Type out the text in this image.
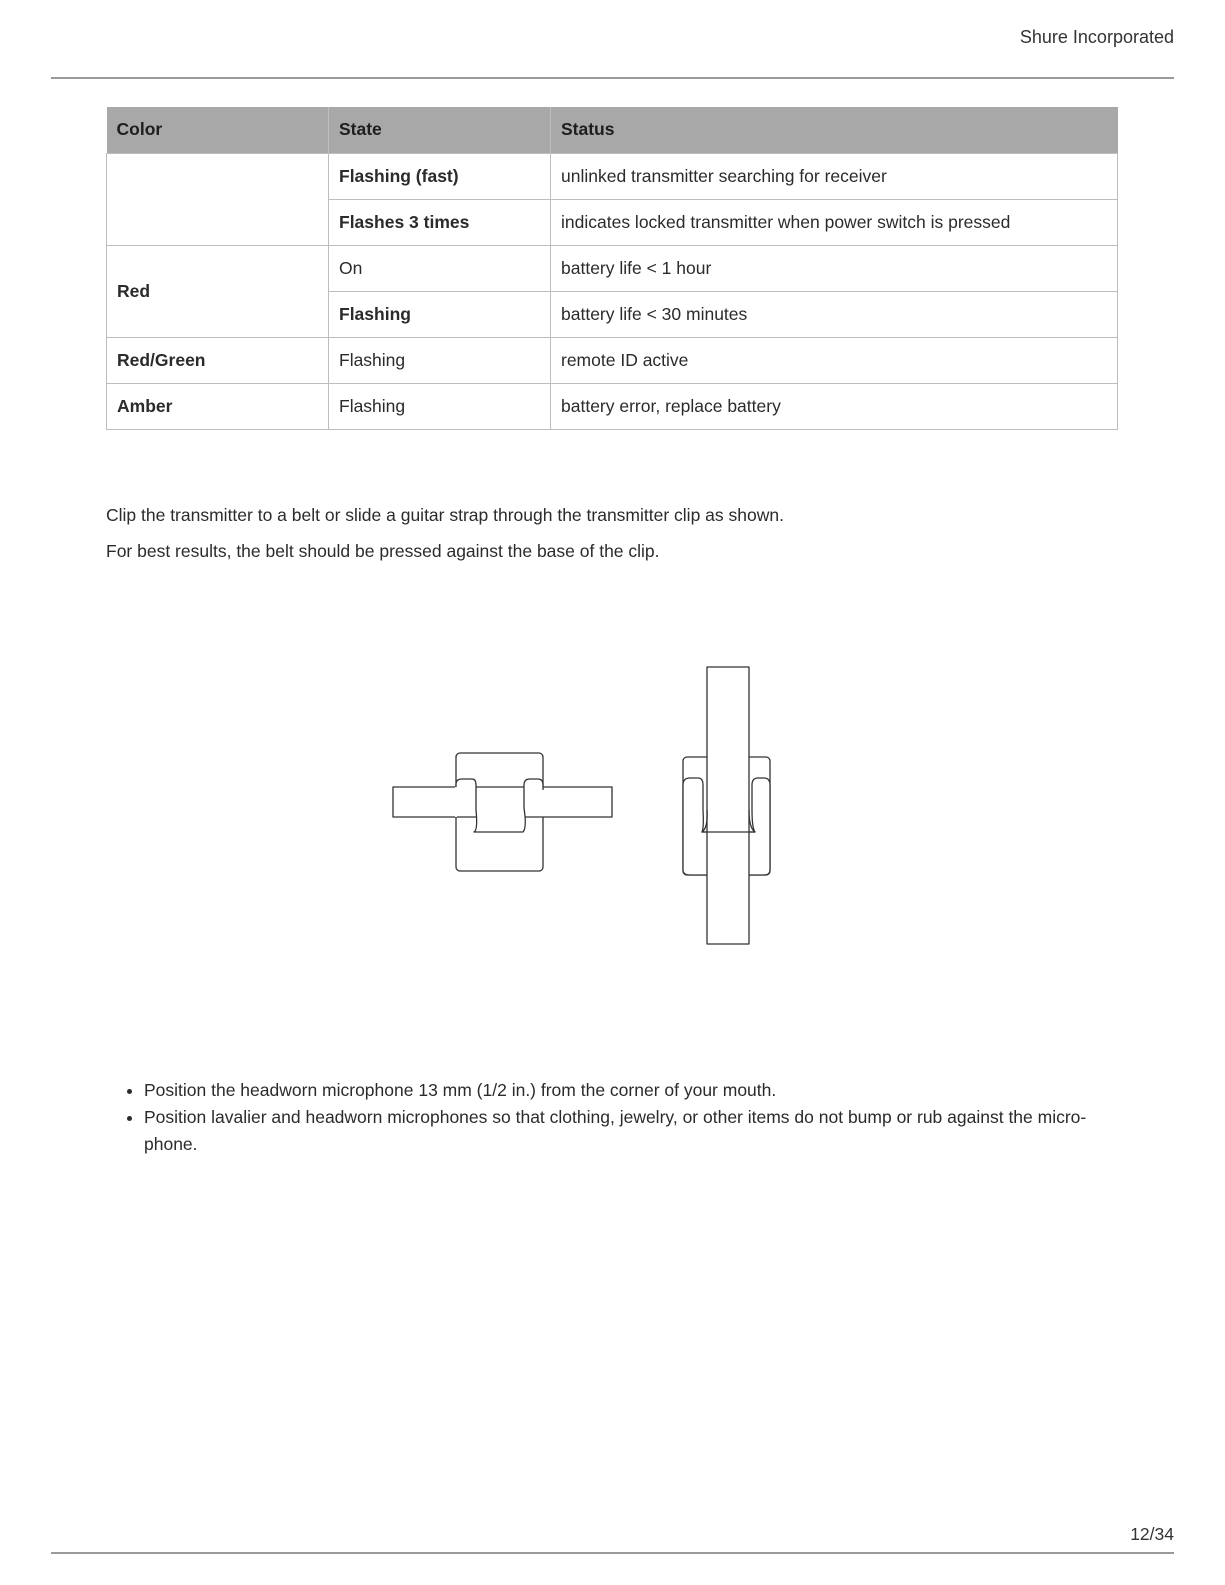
Shure Incorporated
Color	State	Status
	Flashing (fast)	unlinked transmitter searching for receiver
	Flashes 3 times	indicates locked transmitter when power switch is pressed
Red	On	battery life < 1 hour
	Flashing	battery life < 30 minutes
Red/Green	Flashing	remote ID active
Amber	Flashing	battery error, replace battery

Clip the transmitter to a belt or slide a guitar strap through the transmitter clip as shown.

For best results, the belt should be pressed against the base of the clip.

• Position the headworn microphone 13 mm (1/2 in.) from the corner of your mouth.
• Position lavalier and headworn microphones so that clothing, jewelry, or other items do not bump or rub against the micro-phone.
12/34
